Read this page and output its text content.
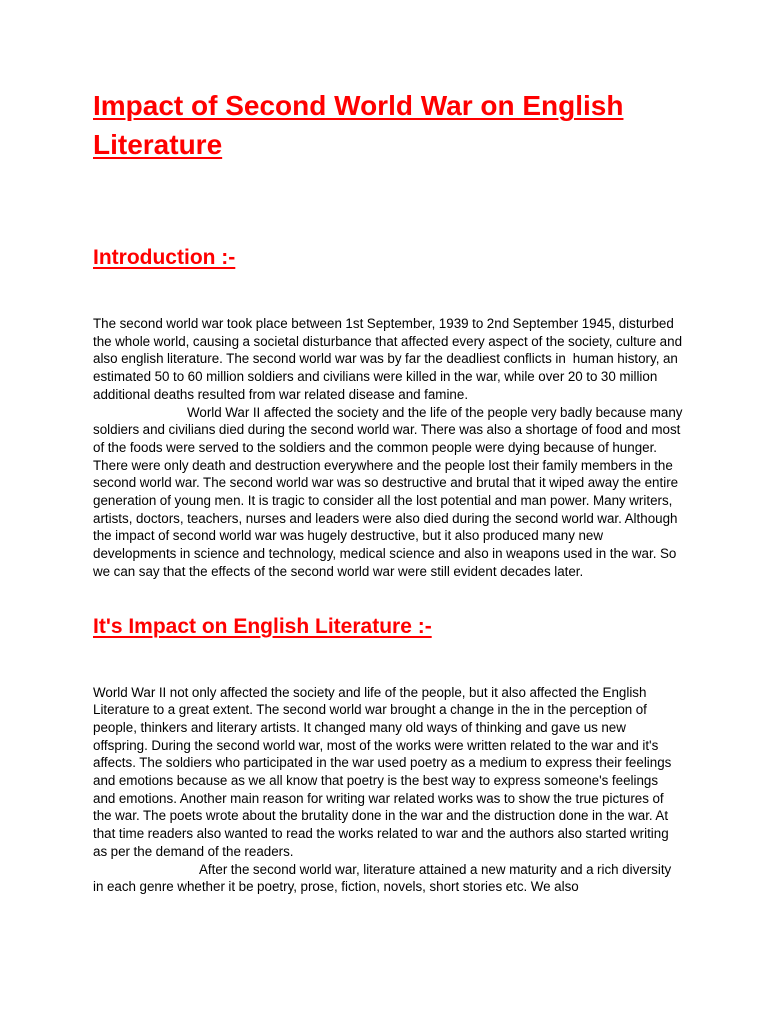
Impact of Second World War on English Literature
Introduction :-

The second world war took place between 1st September, 1939 to 2nd September 1945, disturbed the whole world, causing a societal disturbance that affected every aspect of the society, culture and also english literature. The second world war was by far the deadliest conflicts in  human history, an estimated 50 to 60 million soldiers and civilians were killed in the war, while over 20 to 30 million additional deaths resulted from war related disease and famine.

World War II affected the society and the life of the people very badly because many soldiers and civilians died during the second world war. There was also a shortage of food and most of the foods were served to the soldiers and the common people were dying because of hunger. There were only death and destruction everywhere and the people lost their family members in the second world war. The second world war was so destructive and brutal that it wiped away the entire generation of young men. It is tragic to consider all the lost potential and man power. Many writers, artists, doctors, teachers, nurses and leaders were also died during the second world war. Although the impact of second world war was hugely destructive, but it also produced many new developments in science and technology, medical science and also in weapons used in the war. So we can say that the effects of the second world war were still evident decades later.

It's Impact on English Literature :-

World War II not only affected the society and life of the people, but it also affected the English Literature to a great extent. The second world war brought a change in the in the perception of people, thinkers and literary artists. It changed many old ways of thinking and gave us new offspring. During the second world war, most of the works were written related to the war and it's affects. The soldiers who participated in the war used poetry as a medium to express their feelings and emotions because as we all know that poetry is the best way to express someone's feelings and emotions. Another main reason for writing war related works was to show the true pictures of the war. The poets wrote about the brutality done in the war and the distruction done in the war. At that time readers also wanted to read the works related to war and the authors also started writing as per the demand of the readers.

After the second world war, literature attained a new maturity and a rich diversity in each genre whether it be poetry, prose, fiction, novels, short stories etc. We also
